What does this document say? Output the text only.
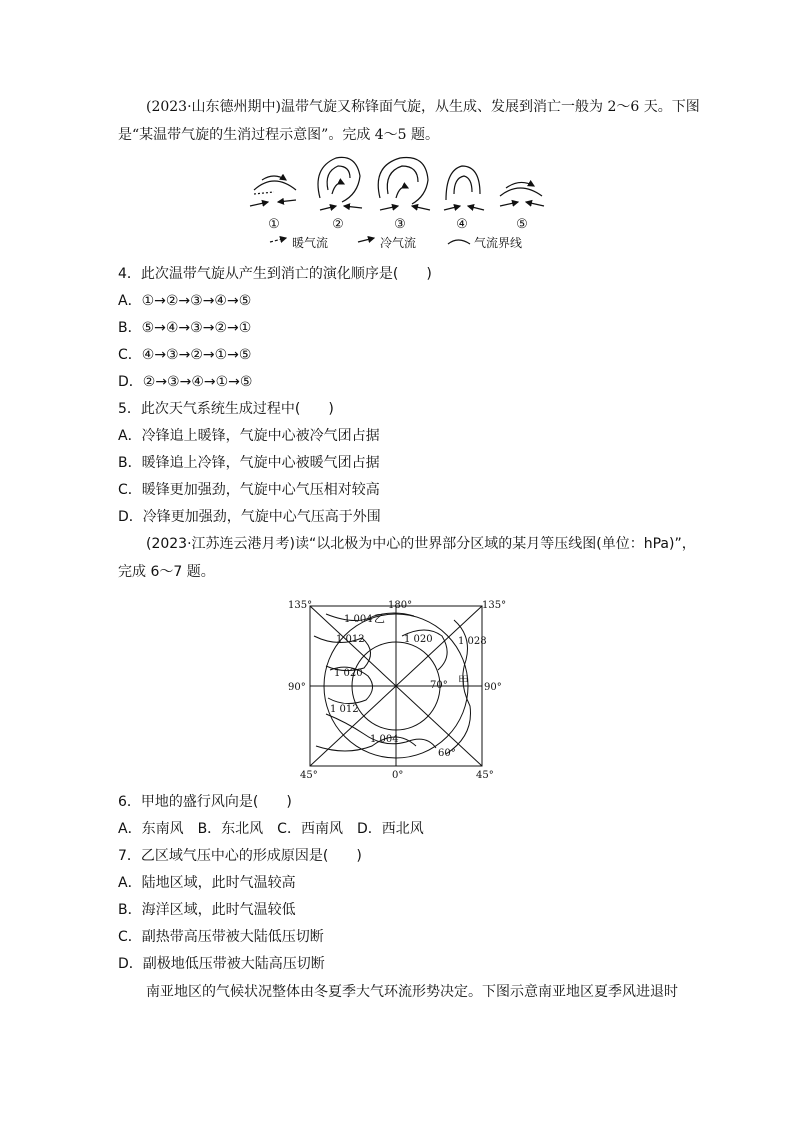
(2023·山东德州期中)温带气旋又称锋面气旋，从生成、发展到消亡一般为 2～6 天。下图
是“某温带气旋的生消过程示意图”。完成 4～5 题。
①	②	③	④	⑤
暖气流	冷气流	气流界线
4．此次温带气旋从产生到消亡的演化顺序是(　　)
A．①→②→③→④→⑤
B．⑤→④→③→②→①
C．④→③→②→①→⑤
D．②→③→④→①→⑤
5．此次天气系统生成过程中(　　)
A．冷锋追上暖锋，气旋中心被冷气团占据
B．暖锋追上冷锋，气旋中心被暖气团占据
C．暖锋更加强劲，气旋中心气压相对较高
D．冷锋更加强劲，气旋中心气压高于外围
(2023·江苏连云港月考)读“以北极为中心的世界部分区域的某月等压线图(单位：hPa)”，
完成 6～7 题。
135°	180°	135°
90°	90°
45°	0°	45°
1 004
1 012
1 020
1 020	1 028
1 012
1 004
70°
60°
乙
甲
6．甲地的盛行风向是(　　)
A．东南风　B．东北风　C．西南风　D．西北风
7．乙区域气压中心的形成原因是(　　)
A．陆地区域，此时气温较高
B．海洋区域，此时气温较低
C．副热带高压带被大陆低压切断
D．副极地低压带被大陆高压切断
南亚地区的气候状况整体由冬夏季大气环流形势决定。下图示意南亚地区夏季风进退时
